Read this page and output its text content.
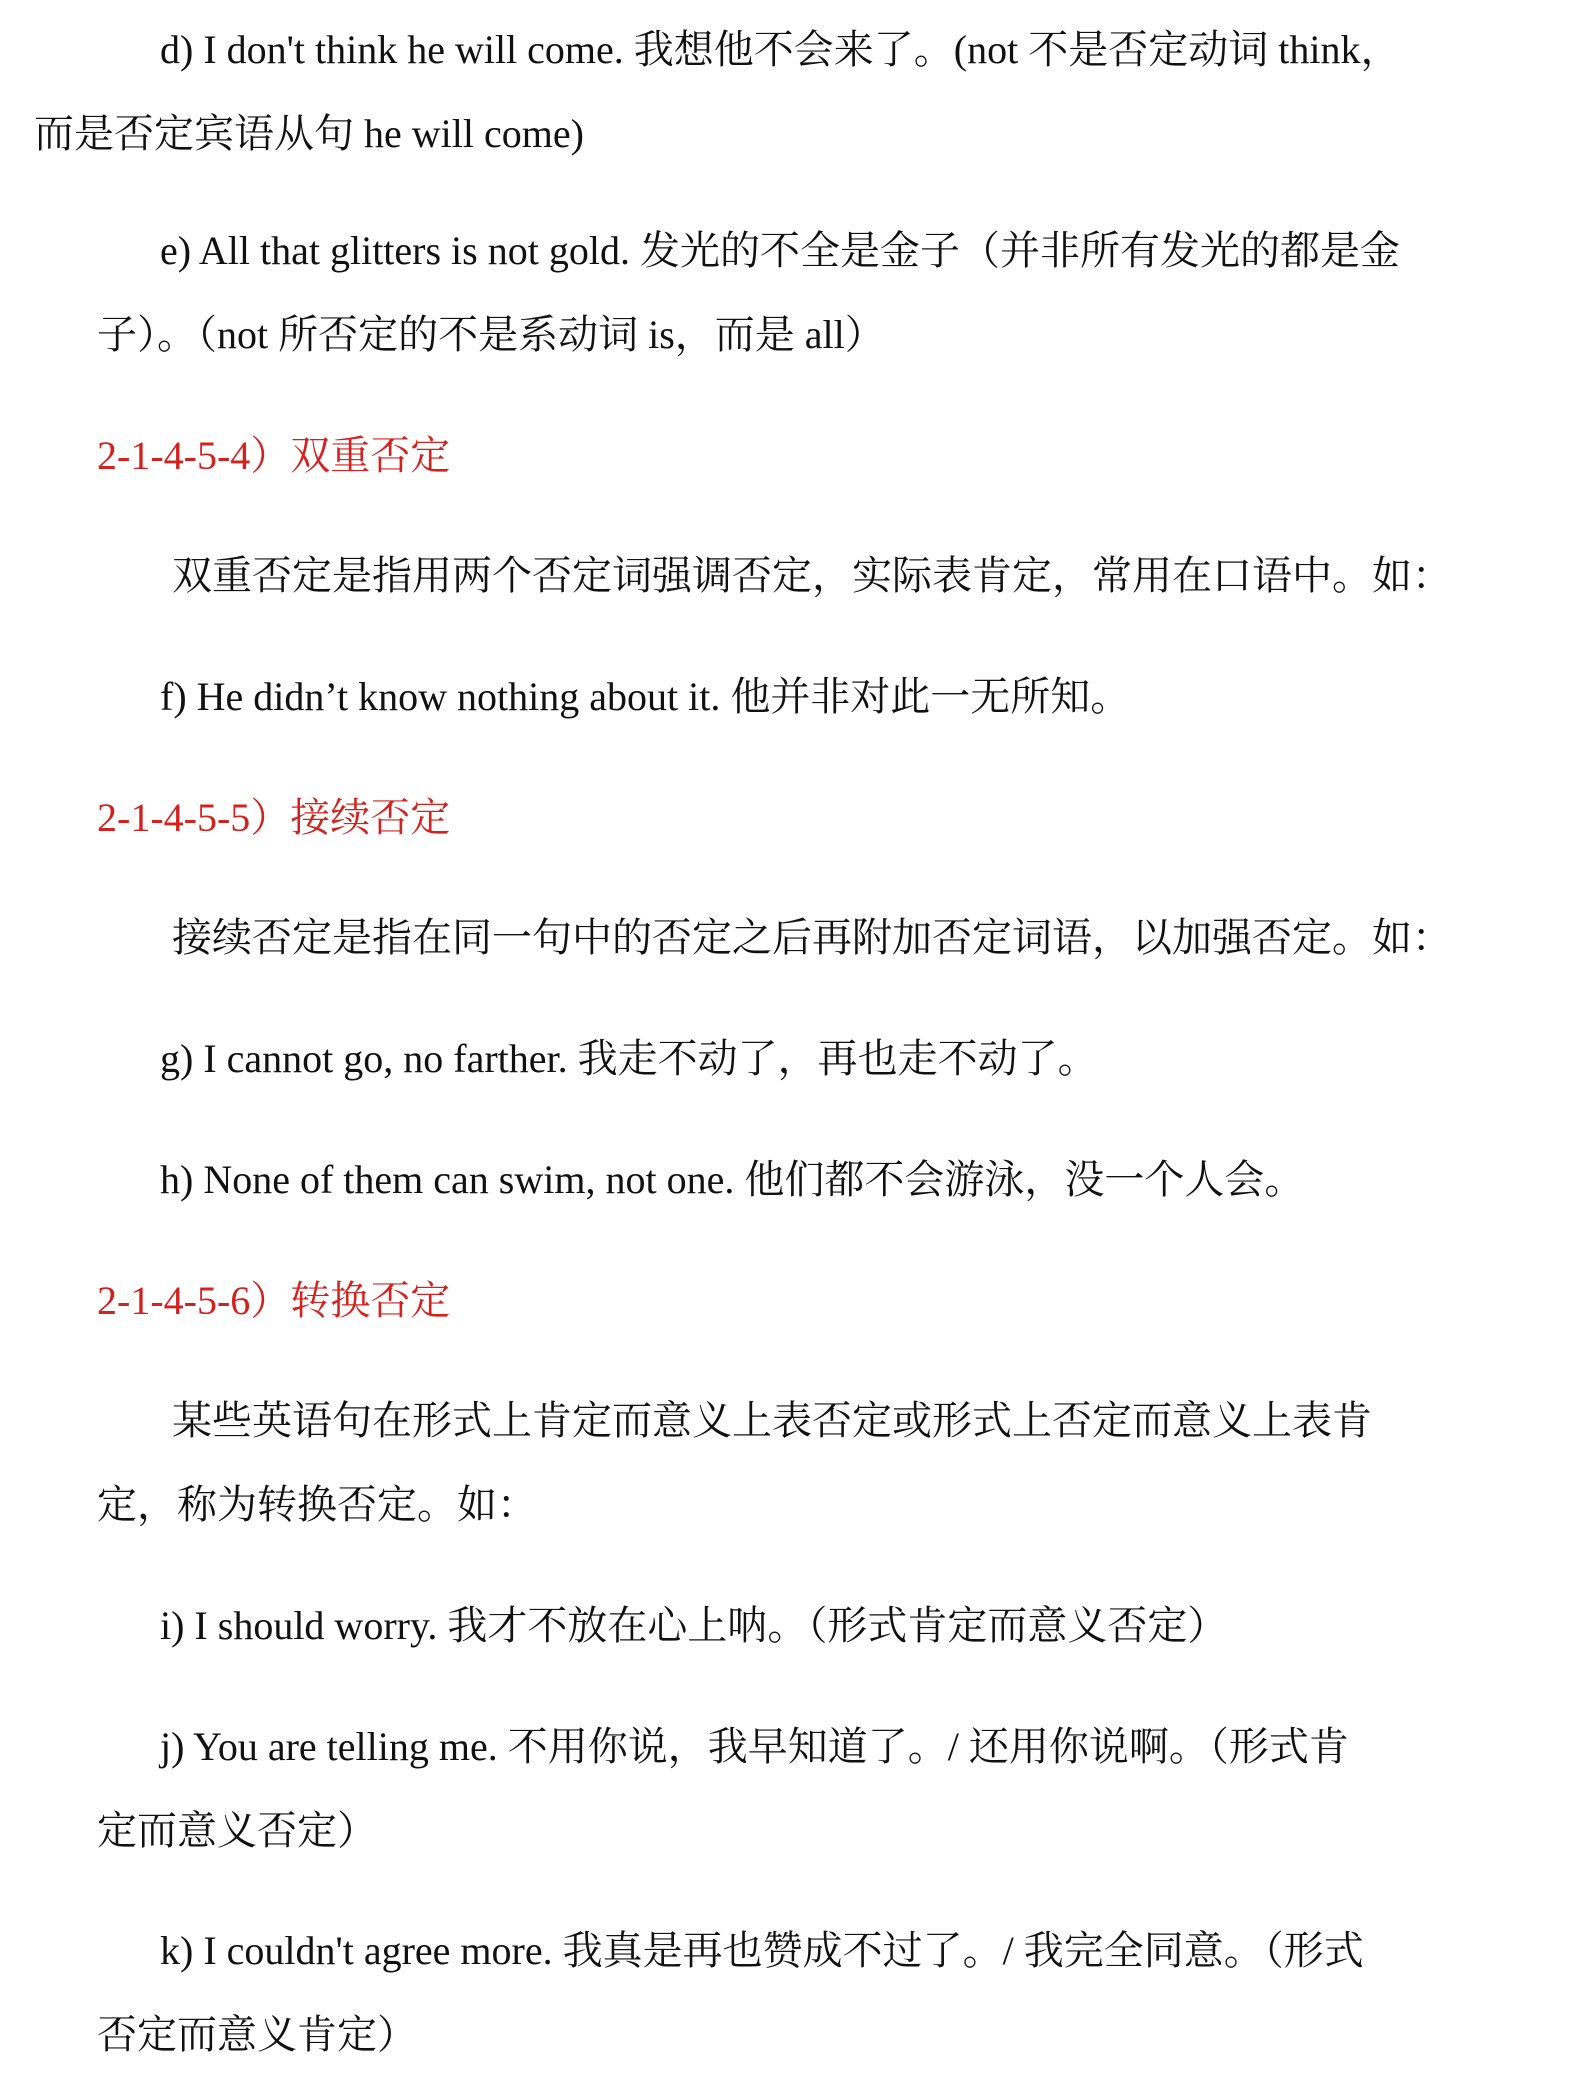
d) I don't think he will come. 我想他不会来了。(not 不是否定动词 think，
而是否定宾语从句 he will come)

e) All that glitters is not gold. 发光的不全是金子（并非所有发光的都是金
子）。（not 所否定的不是系动词 is，而是 all）

2-1-4-5-4）双重否定

双重否定是指用两个否定词强调否定，实际表肯定，常用在口语中。如：

f) He didn’t know nothing about it. 他并非对此一无所知。

2-1-4-5-5）接续否定

接续否定是指在同一句中的否定之后再附加否定词语，以加强否定。如：

g) I cannot go, no farther. 我走不动了，再也走不动了。

h) None of them can swim, not one. 他们都不会游泳，没一个人会。

2-1-4-5-6）转换否定

某些英语句在形式上肯定而意义上表否定或形式上否定而意义上表肯
定，称为转换否定。如：

i) I should worry. 我才不放在心上呐。（形式肯定而意义否定）

j) You are telling me. 不用你说，我早知道了。/ 还用你说啊。（形式肯
定而意义否定）

k) I couldn't agree more. 我真是再也赞成不过了。/ 我完全同意。（形式
否定而意义肯定）
